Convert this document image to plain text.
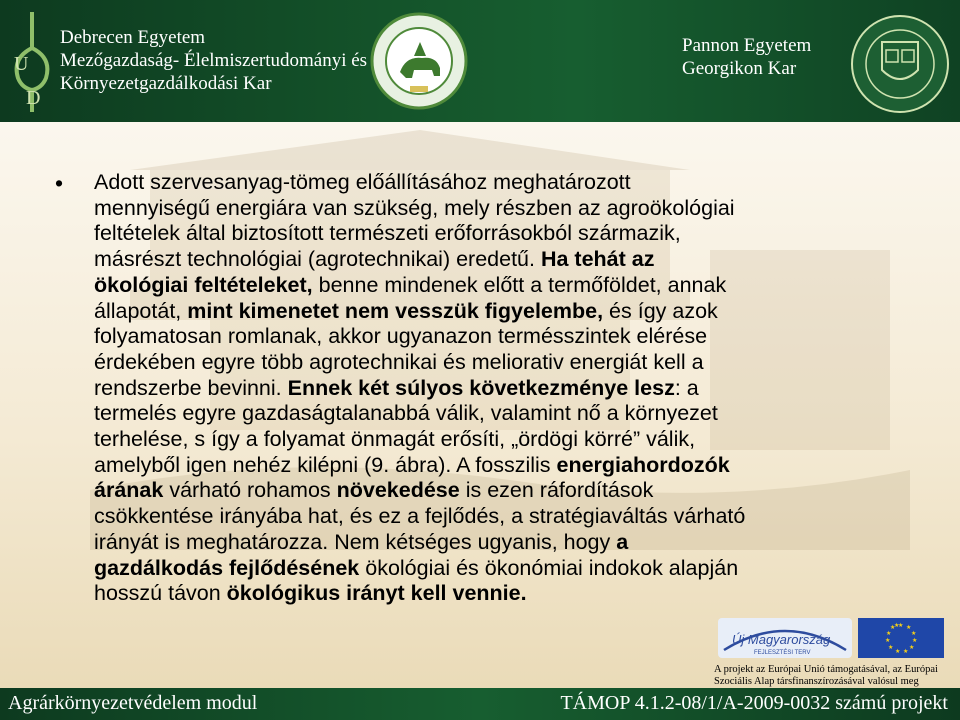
U
D
Debrecen Egyetem
Mezőgazdaság- Élelmiszertudományi és
Környezetgazdálkodási Kar
Pannon Egyetem
Georgikon Kar
• Adott szervesanyag-tömeg előállításához meghatározott
mennyiségű energiára van szükség, mely részben az agroökológiai
feltételek által biztosított természeti erőforrásokból származik,
másrészt technológiai (agrotechnikai) eredetű. Ha tehát az
ökológiai feltételeket, benne mindenek előtt a termőföldet, annak
állapotát, mint kimenetet nem vesszük figyelembe, és így azok
folyamatosan romlanak, akkor ugyanazon termésszintek elérése
érdekében egyre több agrotechnikai és meliorativ energiát kell a
rendszerbe bevinni. Ennek két súlyos következménye lesz: a
termelés egyre gazdaságtalanabbá válik, valamint nő a környezet
terhelése, s így a folyamat önmagát erősíti, „ördögi körré” válik,
amelyből igen nehéz kilépni (9. ábra). A fosszilis energiahordozók
árának várható rohamos növekedése is ezen ráfordítások
csökkentése irányába hat, és ez a fejlődés, a stratégiaváltás várható
irányát is meghatározza. Nem kétséges ugyanis, hogy a
gazdálkodás fejlődésének ökológiai és ökonómiai indokok alapján
hosszú távon ökológikus irányt kell vennie.
Új Magyarország
FEJLESZTÉSI TERV
★ ★
★
★
★
★
★
★
★
★
★
★
A projekt az Európai Unió támogatásával, az Európai
Szociális Alap társfinanszírozásával valósul meg
Agrárkörnyezetvédelem modul	TÁMOP 4.1.2-08/1/A-2009-0032 számú projekt
